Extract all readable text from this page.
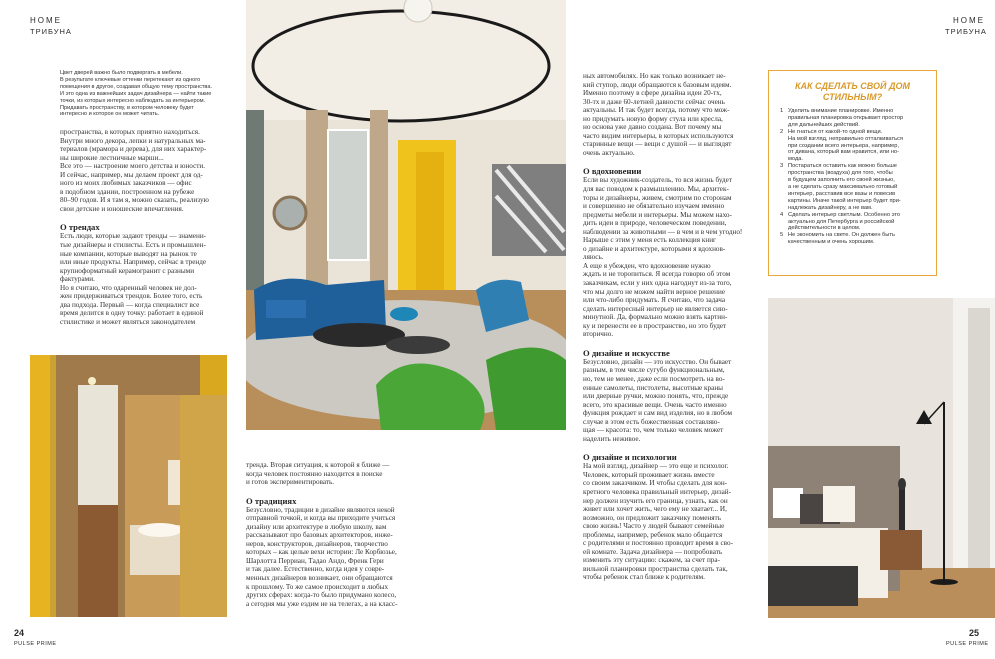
HOME
ТРИБУНА
Цвет дверей важно было подвергать в мебели.
В результате ключевые оттенки перетекают из одного
помещения в другое, создавая общую тему пространства.
И это одна из важнейших задач дизайнера — найти такие
точки, из которых интересно наблюдать за интерьером.
Придавать пространству, в котором человеку будет
интересно и которое он может читать.

пространства, в которых приятно находиться.

Внутри много декора, лепки и натуральных ма-

териалов (мрамора и дерева), для них характер-

ны широкие лестничные марши...

Все это — настроение моего детства и юности.

И сейчас, например, мы делаем проект для од-

ного из моих любимых заказчиков — офис

в подобном здании, построенном на рубеже

80–90 годов. И я там я, можно сказать, реализую

свои детские и юношеские впечатления.

О трендах

Есть люди, которые задают тренды — знамени-

тые дизайнеры и стилисты. Есть и промышлен-

ные компании, которые выводят на рынок те

или иные продукты. Например, сейчас в тренде

крупноформатный керамогранит с разными

фактурами.

Но я считаю, что одаренный человек не дол-

жен придерживаться трендов. Более того, есть

два подхода. Первый — когда специалист все

время делится в одну точку: работает в единой

стилистике и может являться законодателем

тренда. Вторая ситуация, к которой я ближе —

когда человек постоянно находится в поиске

и готов экспериментировать.

О традициях

Безусловно, традиции в дизайне являются некой

отправной точкой, и когда вы приходите учиться

дизайну или архитектуре в любую школу, вам

рассказывают про базовых архитекторов, инже-

неров, конструкторов, дизайнеров, творчество

которых – как целые вехи истории: Ле Корбюзье,

Шарлотта Перриан, Тадао Андо, Френк Гери

и так далее. Естественно, когда идея у совре-

менных дизайнеров возникает, они обращаются

к прошлому. То же самое происходит в любых

других сферах: когда-то было придумано колесо,

а сегодня мы уже ездим не на телегах, а на класс-

24
PULSE PRIME
HOME
ТРИБУНА

ных автомобилях. Но как только возникает не-

кий ступор, люди обращаются к базовым идеям.

Именно поэтому в сфере дизайна идеи 20-тх,

30-тх и даже 60-летней давности сейчас очень

актуальны. И так будет всегда, потому что мож-

но придумать новую форму стула или кресла,

но основа уже давно создана. Вот почему мы

часто видим интерьеры, в которых используются

старинные вещи — вещи с душой — и выглядят

очень актуально.

О вдохновении

Если вы художник-создатель, то вся жизнь будет

для вас поводом к размышлению. Мы, архитек-

торы и дизайнеры, живем, смотрим по сторонам

и совершенно не обязательно изучаем именно

предметы мебели и интерьеры. Мы можем нахо-

дить идеи в природе, человеческом поведении,

наблюдении за животными — в чем и в чем угодно!

Нарыше с этим у меня есть коллекция книг

о дизайне и архитектуре, которыми я вдохнов-

ляюсь.

А еще я убежден, что вдохновение нужно

ждать и не торопиться. Я всегда говорю об этом

заказчикам, если у них одна нагоднут из-за того,

что мы долго не можем найти верное решение

или что-либо придумать. Я считаю, что задача

сделать интересный интерьер не является сию-

минутной. Да, формально можно взять картин-

ку и перенести ее в пространство, но это будет

вторично.

О дизайне и искусстве

Безусловно, дизайн — это искусство. Он бывает

разным, в том числе сугубо функциональным,

но, тем не менее, даже если посмотреть на во-

енные самолеты, пистолеты, высотные краны

или дверные ручки, можно понять, что, прежде

всего, это красивые вещи. Очень часто именно

функция рождает и сам вид изделия, но в любом

случае в этом есть божественная составляю-

щая — красота: то, чем только человек может

наделить неживое.

О дизайне и психологии

На мой взгляд, дизайнер — это еще и психолог.

Человек, который проживает жизнь вместе

со своим заказчиком. И чтобы сделать для кон-

кретного человека правильный интерьер, дизай-

нер должен изучить его граница, узнать, как он

живет или хочет жить, чего ему не хватает... И,

возможно, он предложит заказчику поменять

свою жизнь! Часто у людей бывают семейные

проблемы, например, ребенок мало общается

с родителями и постоянно проводит время в сво-

ей комнате. Задача дизайнера — попробовать

изменить эту ситуацию: скажем, за счет пра-

вильной планировки пространства сделать так,

чтобы ребенок стал ближе к родителям.

КАК СДЕЛАТЬ СВОЙ ДОМ
СТИЛЬНЫМ?
1 Уделить внимание планировке. Именно
правильная планировка открывает простор
для дальнейших действий.
2 Не гнаться от какой-то одной вещи.
На мой взгляд, неправильно отталкиваться
при создании всего интерьера, например,
от дивана, который вам нравится, или но-
мода.
3 Постараться оставить как можно больше
пространства (воздуха) для того, чтобы
в будущем заполнить его своей жизнью,
а не сделать сразу максимально готовый
интерьер, расставив все вазы и повесив
картины. Иначе такой интерьер будет при-
надлежать дизайнеру, а не вам.
4 Сделать интерьер светлым. Особенно это
актуально для Петербурга и российской
действительности в целом.
5 Не экономить на свете. Он должен быть
качественным и очень хорошим.
25
PULSE PRIME
